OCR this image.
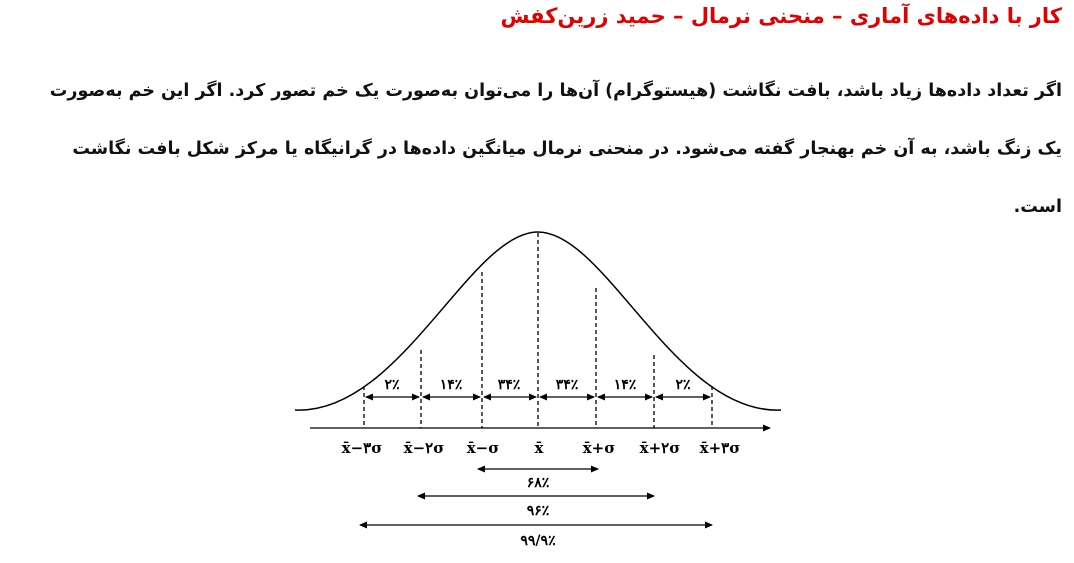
کار با داده‌های آماری – منحنی نرمال – حمید زرین‌کفش
اگر تعداد داده‌ها زیاد باشد، بافت نگاشت (هیستوگرام) آن‌ها را می‌توان به‌صورت یک خم تصور کرد. اگر این خم به‌صورت
یک زنگ باشد، به آن خم بهنجار گفته می‌شود. در منحنی نرمال میانگین داده‌ها در گرانیگاه یا مرکز شکل بافت نگاشت
است.
۲٪	۱۴٪	۳۴٪	۳۴٪	۱۴٪	۲٪
x̄−۳σ x̄−۲σ x̄−σ x̄	x̄+σ x̄+۲σ x̄+۳σ
۶۸٪
۹۶٪
۹۹/۹٪
